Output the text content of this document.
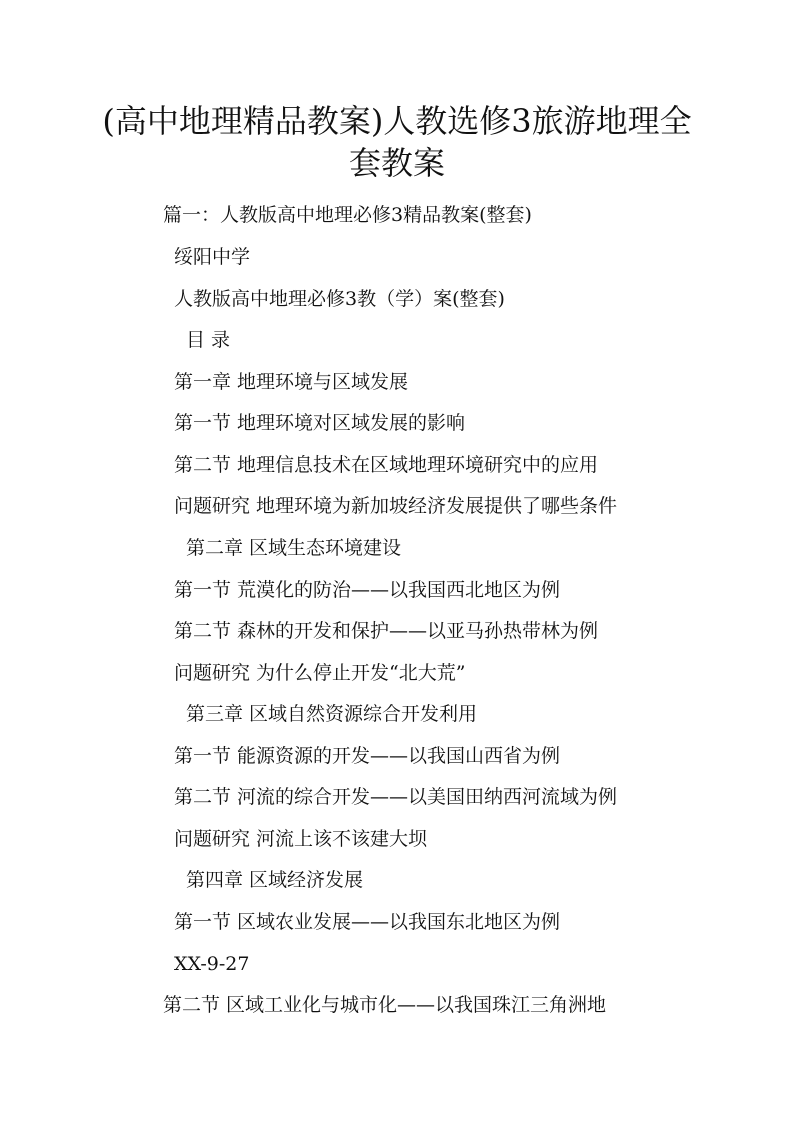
(高中地理精品教案)人教选修3旅游地理全套教案

篇一：人教版高中地理必修3精品教案(整套)

绥阳中学

人教版高中地理必修3教（学）案(整套)

目 录

第一章 地理环境与区域发展

第一节 地理环境对区域发展的影响

第二节 地理信息技术在区域地理环境研究中的应用

问题研究 地理环境为新加坡经济发展提供了哪些条件

第二章 区域生态环境建设

第一节 荒漠化的防治——以我国西北地区为例

第二节 森林的开发和保护——以亚马孙热带林为例

问题研究 为什么停止开发“北大荒”

第三章 区域自然资源综合开发利用

第一节 能源资源的开发——以我国山西省为例

第二节 河流的综合开发——以美国田纳西河流域为例

问题研究 河流上该不该建大坝

第四章 区域经济发展

第一节 区域农业发展——以我国东北地区为例

XX-9-27

第二节 区域工业化与城市化——以我国珠江三角洲地
